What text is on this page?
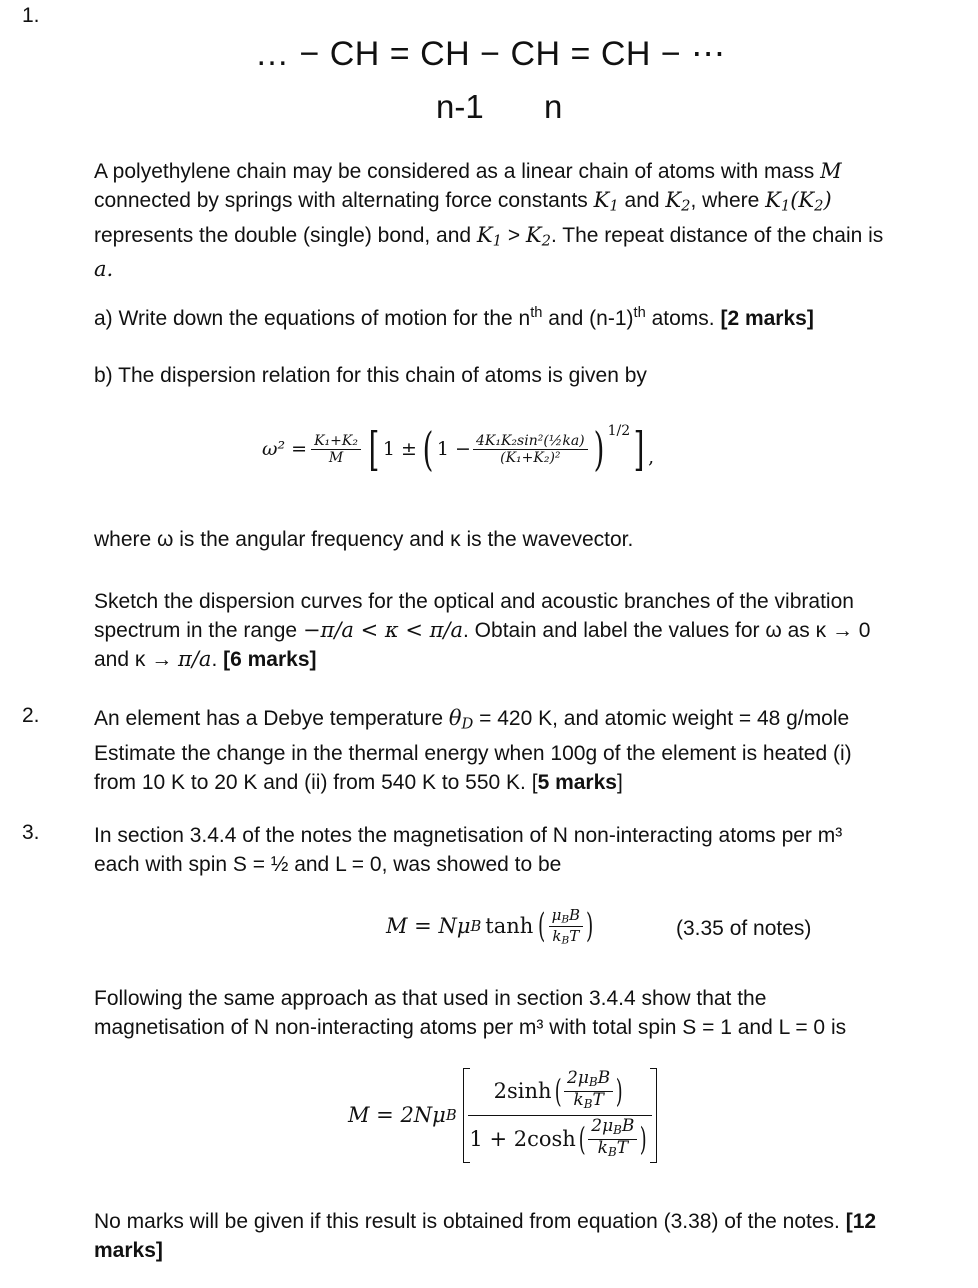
1.
… − CH = CH − CH = CH − ⋯
n-1 n
A polyethylene chain may be considered as a linear chain of atoms with mass M
connected by springs with alternating force constants $K_1$ and $K_2$, where $K_1(K_2)$
represents the double (single) bond, and $K_1 > K_2$. The repeat distance of the chain is
a.
a) Write down the equations of motion for the $n^{th}$ and $(n-1)^{th}$ atoms. [2 marks]
b) The dispersion relation for this chain of atoms is given by
$\omega^2 = \frac{\text{K₁+K₂}}{M}$ [ 1 ± ( $1 - \frac{\text{4K₁K₂sin²(½ka)}}{\text{(K₁+K₂)²}}$ ) 1/2 ] ,
where ω is the angular frequency and κ is the wavevector.
Sketch the dispersion curves for the optical and acoustic branches of the vibration
spectrum in the range −π/a < κ < π/a. Obtain and label the values for ω as κ → 0
and κ → π/a. [6 marks]
2.	An element has a Debye temperature $\theta_D = 420$ K, and atomic weight = 48 g/mole
Estimate the change in the thermal energy when 100g of the element is heated (i)
from 10 K to 20 K and (ii) from 540 K to 550 K. [5 marks]
3.	In section 3.4.4 of the notes the magnetisation of N non-interacting atoms per m³
each with spin S = ½ and L = 0, was showed to be
M = Nμ B tanh ( $\frac{\mu_BB}{k_BT}$ )	(3.35 of notes)
Following the same approach as that used in section 3.4.4 show that the
magnetisation of N non-interacting atoms per m³ with total spin S = 1 and L = 0 is
M = 2Nμ B
2sinh ( $\frac{2\mu_BB}{k_BT}$ )
1 + 2cosh ( $\frac{2\mu_BB}{k_BT}$ )
No marks will be given if this result is obtained from equation (3.38) of the notes. [12
marks]
